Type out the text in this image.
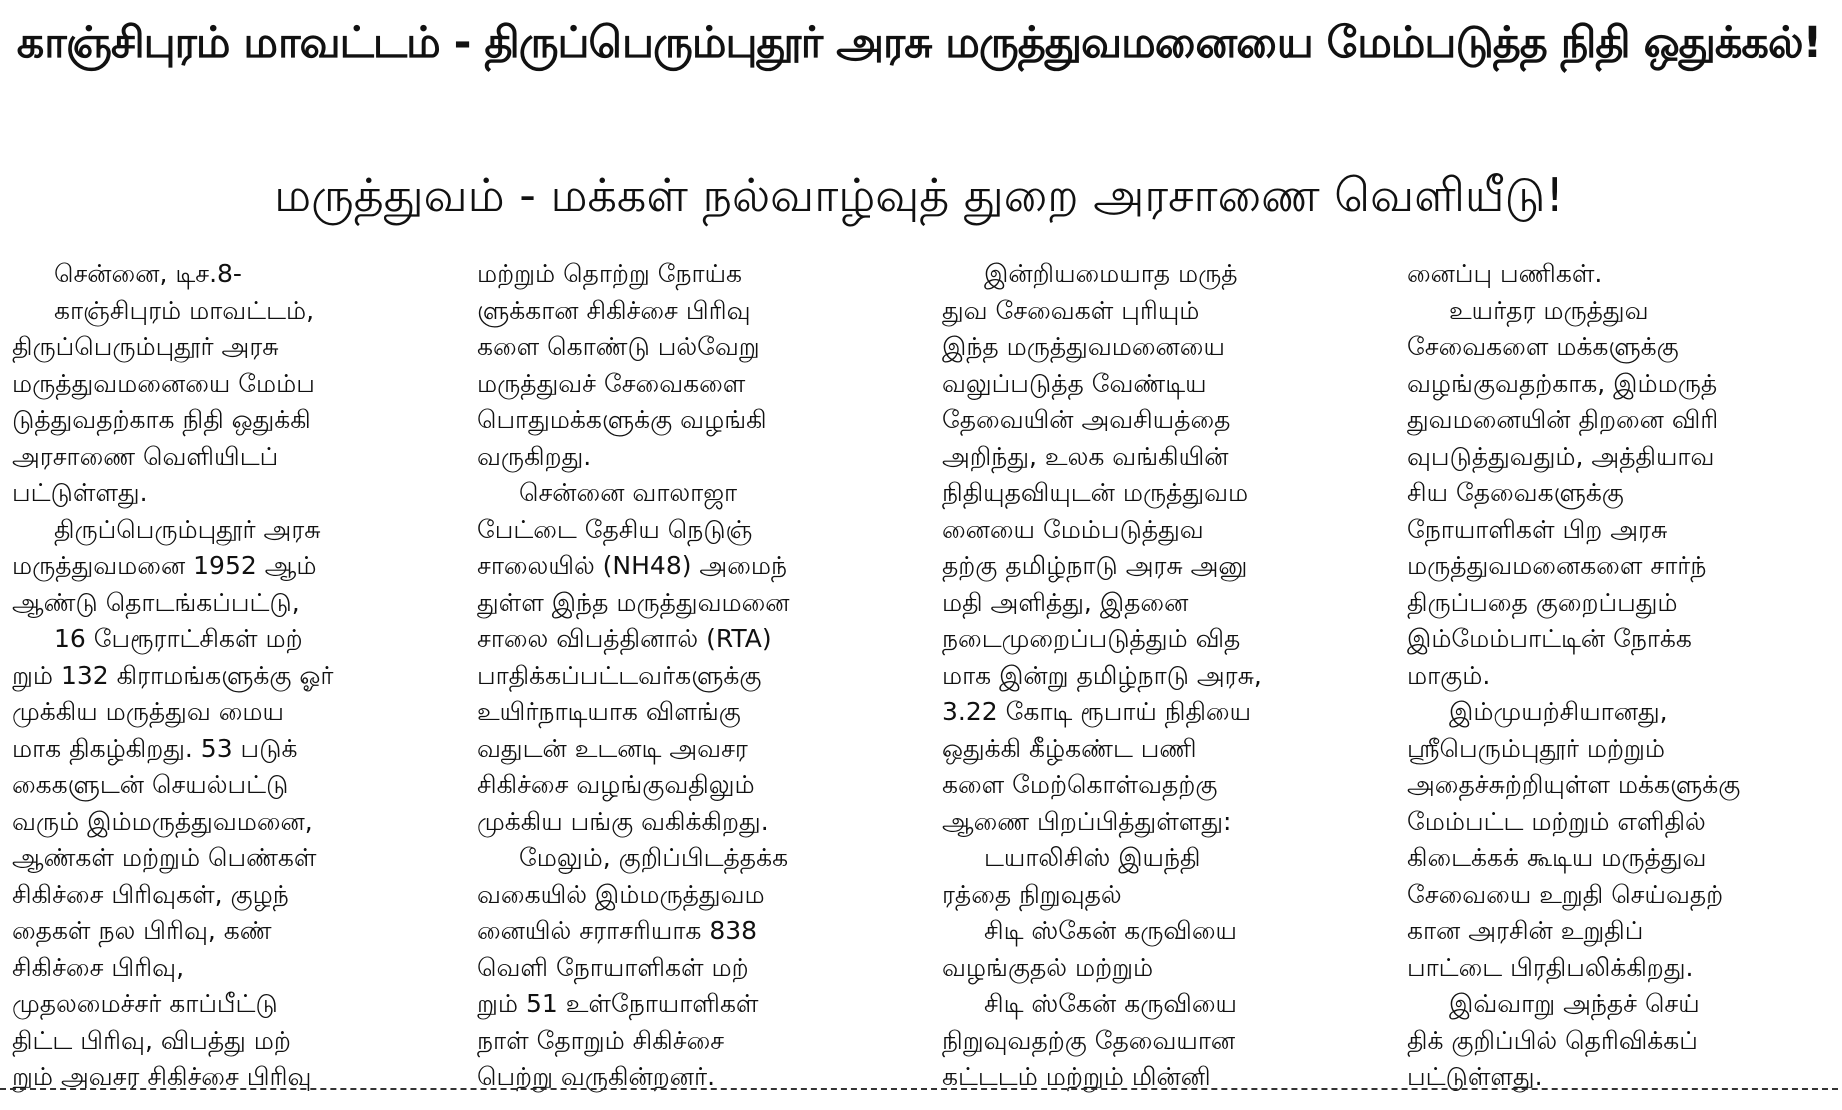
காஞ்சிபுரம் மாவட்டம் - திருப்பெரும்புதூர் அரசு மருத்துவமனையை மேம்படுத்த நிதி ஒதுக்கல்!
மருத்துவம் - மக்கள் நல்வாழ்வுத் துறை அரசாணை வெளியீடு!
சென்னை, டிச.8-
காஞ்சிபுரம் மாவட்டம்,
திருப்பெரும்புதூர் அரசு
மருத்துவமனையை மேம்ப
டுத்துவதற்காக நிதி ஒதுக்கி
அரசாணை வெளியிடப்
பட்டுள்ளது.
திருப்பெரும்புதூர் அரசு
மருத்துவமனை 1952 ஆம்
ஆண்டு தொடங்கப்பட்டு,
16 பேரூராட்சிகள் மற்
றும் 132 கிராமங்களுக்கு ஓர்
முக்கிய மருத்துவ மைய
மாக திகழ்கிறது. 53 படுக்
கைகளுடன் செயல்பட்டு
வரும் இம்மருத்துவமனை,
ஆண்கள் மற்றும் பெண்கள்
சிகிச்சை பிரிவுகள், குழந்
தைகள் நல பிரிவு, கண்
சிகிச்சை பிரிவு,
முதலமைச்சர் காப்பீட்டு
திட்ட பிரிவு, விபத்து மற்
றும் அவசர சிகிச்சை பிரிவு
மற்றும் தொற்று நோய்க
ளுக்கான சிகிச்சை பிரிவு
களை கொண்டு பல்வேறு
மருத்துவச் சேவைகளை
பொதுமக்களுக்கு வழங்கி
வருகிறது.
சென்னை வாலாஜா
பேட்டை தேசிய நெடுஞ்
சாலையில் (NH48) அமைந்
துள்ள இந்த மருத்துவமனை
சாலை விபத்தினால் (RTA)
பாதிக்கப்பட்டவர்களுக்கு
உயிர்நாடியாக விளங்கு
வதுடன் உடனடி அவசர
சிகிச்சை வழங்குவதிலும்
முக்கிய பங்கு வகிக்கிறது.
மேலும், குறிப்பிடத்தக்க
வகையில் இம்மருத்துவம
னையில் சராசரியாக 838
வெளி நோயாளிகள் மற்
றும் 51 உள்நோயாளிகள்
நாள் தோறும் சிகிச்சை
பெற்று வருகின்றனர்.
இன்றியமையாத மருத்
துவ சேவைகள் புரியும்
இந்த மருத்துவமனையை
வலுப்படுத்த வேண்டிய
தேவையின் அவசியத்தை
அறிந்து, உலக வங்கியின்
நிதியுதவியுடன் மருத்துவம
னையை மேம்படுத்துவ
தற்கு தமிழ்நாடு அரசு அனு
மதி அளித்து, இதனை
நடைமுறைப்படுத்தும் வித
மாக இன்று தமிழ்நாடு அரசு,
3.22 கோடி ரூபாய் நிதியை
ஒதுக்கி கீழ்கண்ட பணி
களை மேற்கொள்வதற்கு
ஆணை பிறப்பித்துள்ளது:
டயாலிசிஸ் இயந்தி
ரத்தை நிறுவுதல்
சிடி ஸ்கேன் கருவியை
வழங்குதல் மற்றும்
சிடி ஸ்கேன் கருவியை
நிறுவுவதற்கு தேவையான
கட்டடம் மற்றும் மின்னி
னைப்பு பணிகள்.
உயர்தர மருத்துவ
சேவைகளை மக்களுக்கு
வழங்குவதற்காக, இம்மருத்
துவமனையின் திறனை விரி
வுபடுத்துவதும், அத்தியாவ
சிய தேவைகளுக்கு
நோயாளிகள் பிற அரசு
மருத்துவமனைகளை சார்ந்
திருப்பதை குறைப்பதும்
இம்மேம்பாட்டின் நோக்க
மாகும்.
இம்முயற்சியானது,
ஸ்ரீபெரும்புதூர் மற்றும்
அதைச்சுற்றியுள்ள மக்களுக்கு
மேம்பட்ட மற்றும் எளிதில்
கிடைக்கக் கூடிய மருத்துவ
சேவையை உறுதி செய்வதற்
கான அரசின் உறுதிப்
பாட்டை பிரதிபலிக்கிறது.
இவ்வாறு அந்தச் செய்
திக் குறிப்பில் தெரிவிக்கப்
பட்டுள்ளது.
